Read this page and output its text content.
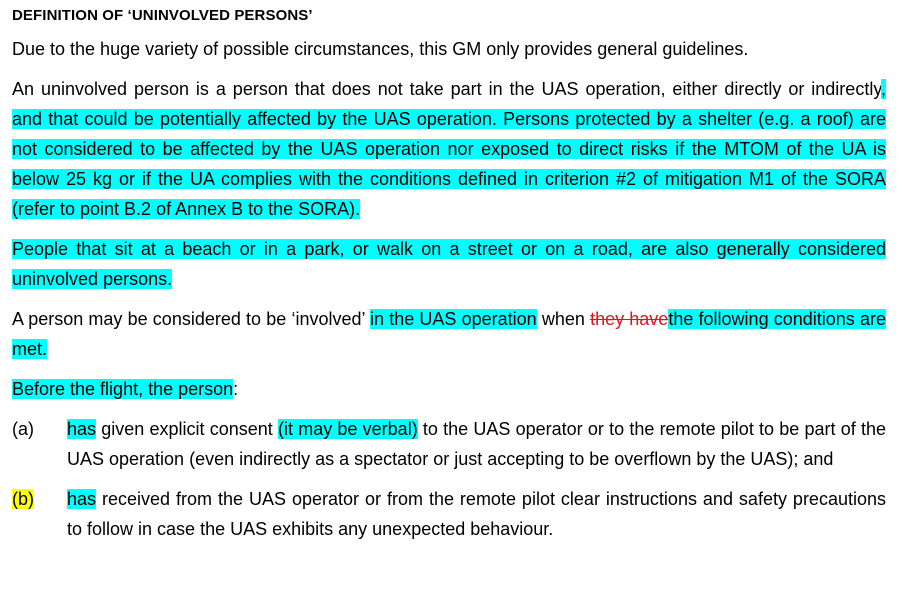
DEFINITION OF ‘UNINVOLVED PERSONS’
Due to the huge variety of possible circumstances, this GM only provides general guidelines.
An uninvolved person is a person that does not take part in the UAS operation, either directly or indirectly, and that could be potentially affected by the UAS operation. Persons protected by a shelter (e.g. a roof) are not considered to be affected by the UAS operation nor exposed to direct risks if the MTOM of the UA is below 25 kg or if the UA complies with the conditions defined in criterion #2 of mitigation M1 of the SORA (refer to point B.2 of Annex B to the SORA).
People that sit at a beach or in a park, or walk on a street or on a road, are also generally considered uninvolved persons.
A person may be considered to be ‘involved’ in the UAS operation when they havethe following conditions are met.
Before the flight, the person:
(a)	has given explicit consent (it may be verbal) to the UAS operator or to the remote pilot to be part of the UAS operation (even indirectly as a spectator or just accepting to be overflown by the UAS); and
(b)	has received from the UAS operator or from the remote pilot clear instructions and safety precautions to follow in case the UAS exhibits any unexpected behaviour.
